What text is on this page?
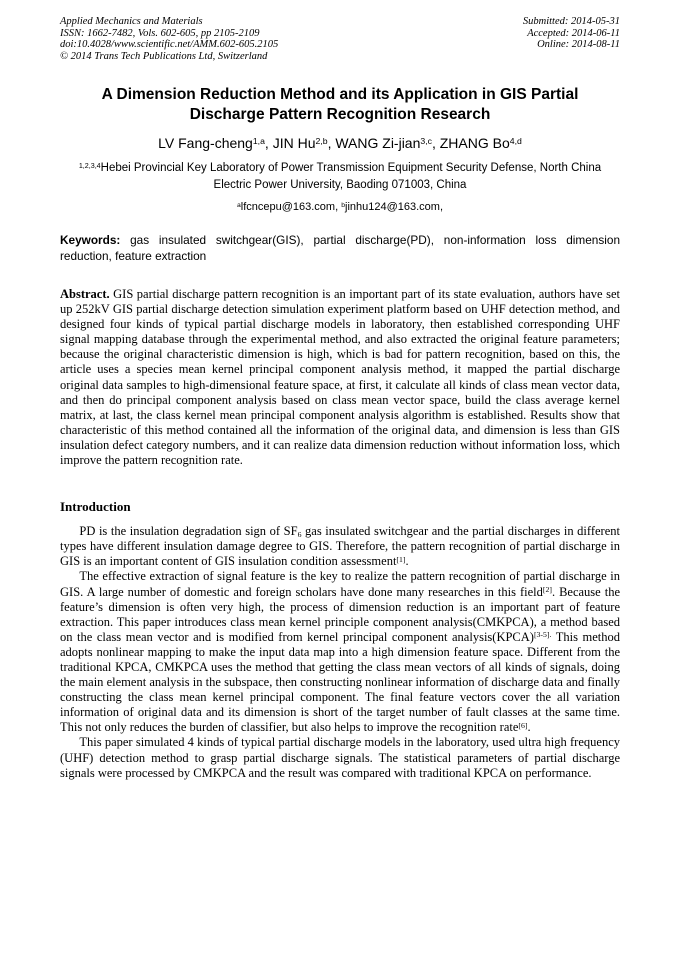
Applied Mechanics and Materials
ISSN: 1662-7482, Vols. 602-605, pp 2105-2109
doi:10.4028/www.scientific.net/AMM.602-605.2105
© 2014 Trans Tech Publications Ltd, Switzerland
Submitted: 2014-05-31
Accepted: 2014-06-11
Online: 2014-08-11
A Dimension Reduction Method and its Application in GIS Partial Discharge Pattern Recognition Research
LV Fang-cheng$^{1,a}$, JIN Hu$^{2,b}$, WANG Zi-jian$^{3,c}$, ZHANG Bo$^{4,d}$
$^{1,2,3,4}$Hebei Provincial Key Laboratory of Power Transmission Equipment Security Defense, North China Electric Power University, Baoding 071003, China
$^a$lfcncepu@163.com, $^b$jinhu124@163.com,
Keywords: gas insulated switchgear(GIS), partial discharge(PD), non-information loss dimension reduction, feature extraction
Abstract. GIS partial discharge pattern recognition is an important part of its state evaluation, authors have set up 252kV GIS partial discharge detection simulation experiment platform based on UHF detection method, and designed four kinds of typical partial discharge models in laboratory, then established corresponding UHF signal mapping database through the experimental method, and also extracted the original feature parameters; because the original characteristic dimension is high, which is bad for pattern recognition, based on this, the article uses a species mean kernel principal component analysis method, it mapped the partial discharge original data samples to high-dimensional feature space, at first, it calculate all kinds of class mean vector data, and then do principal component analysis based on class mean vector space, build the class average kernel matrix, at last, the class kernel mean principal component analysis algorithm is established. Results show that characteristic of this method contained all the information of the original data, and dimension is less than GIS insulation defect category numbers, and it can realize data dimension reduction without information loss, which improve the pattern recognition rate.
Introduction

PD is the insulation degradation sign of $SF_6$ gas insulated switchgear and the partial discharges in different types have different insulation damage degree to GIS. Therefore, the pattern recognition of partial discharge in GIS is an important content of GIS insulation condition assessment[1].

The effective extraction of signal feature is the key to realize the pattern recognition of partial discharge in GIS. A large number of domestic and foreign scholars have done many researches in this field[2]. Because the feature’s dimension is often very high, the process of dimension reduction is an important part of feature extraction. This paper introduces class mean kernel principle component analysis(CMKPCA), a method based on the class mean vector and is modified from kernel principal component analysis(KPCA)$^{[3-5].}$ This method adopts nonlinear mapping to make the input data map into a high dimension feature space. Different from the traditional KPCA, CMKPCA uses the method that getting the class mean vectors of all kinds of signals, doing the main element analysis in the subspace, then constructing nonlinear information of discharge data and finally constructing the class mean kernel principal component. The final feature vectors cover the all variation information of original data and its dimension is short of the target number of fault classes at the same time. This not only reduces the burden of classifier, but also helps to improve the recognition rate[6].

This paper simulated 4 kinds of typical partial discharge models in the laboratory, used ultra high frequency (UHF) detection method to grasp partial discharge signals. The statistical parameters of partial discharge signals were processed by CMKPCA and the result was compared with traditional KPCA on performance.
